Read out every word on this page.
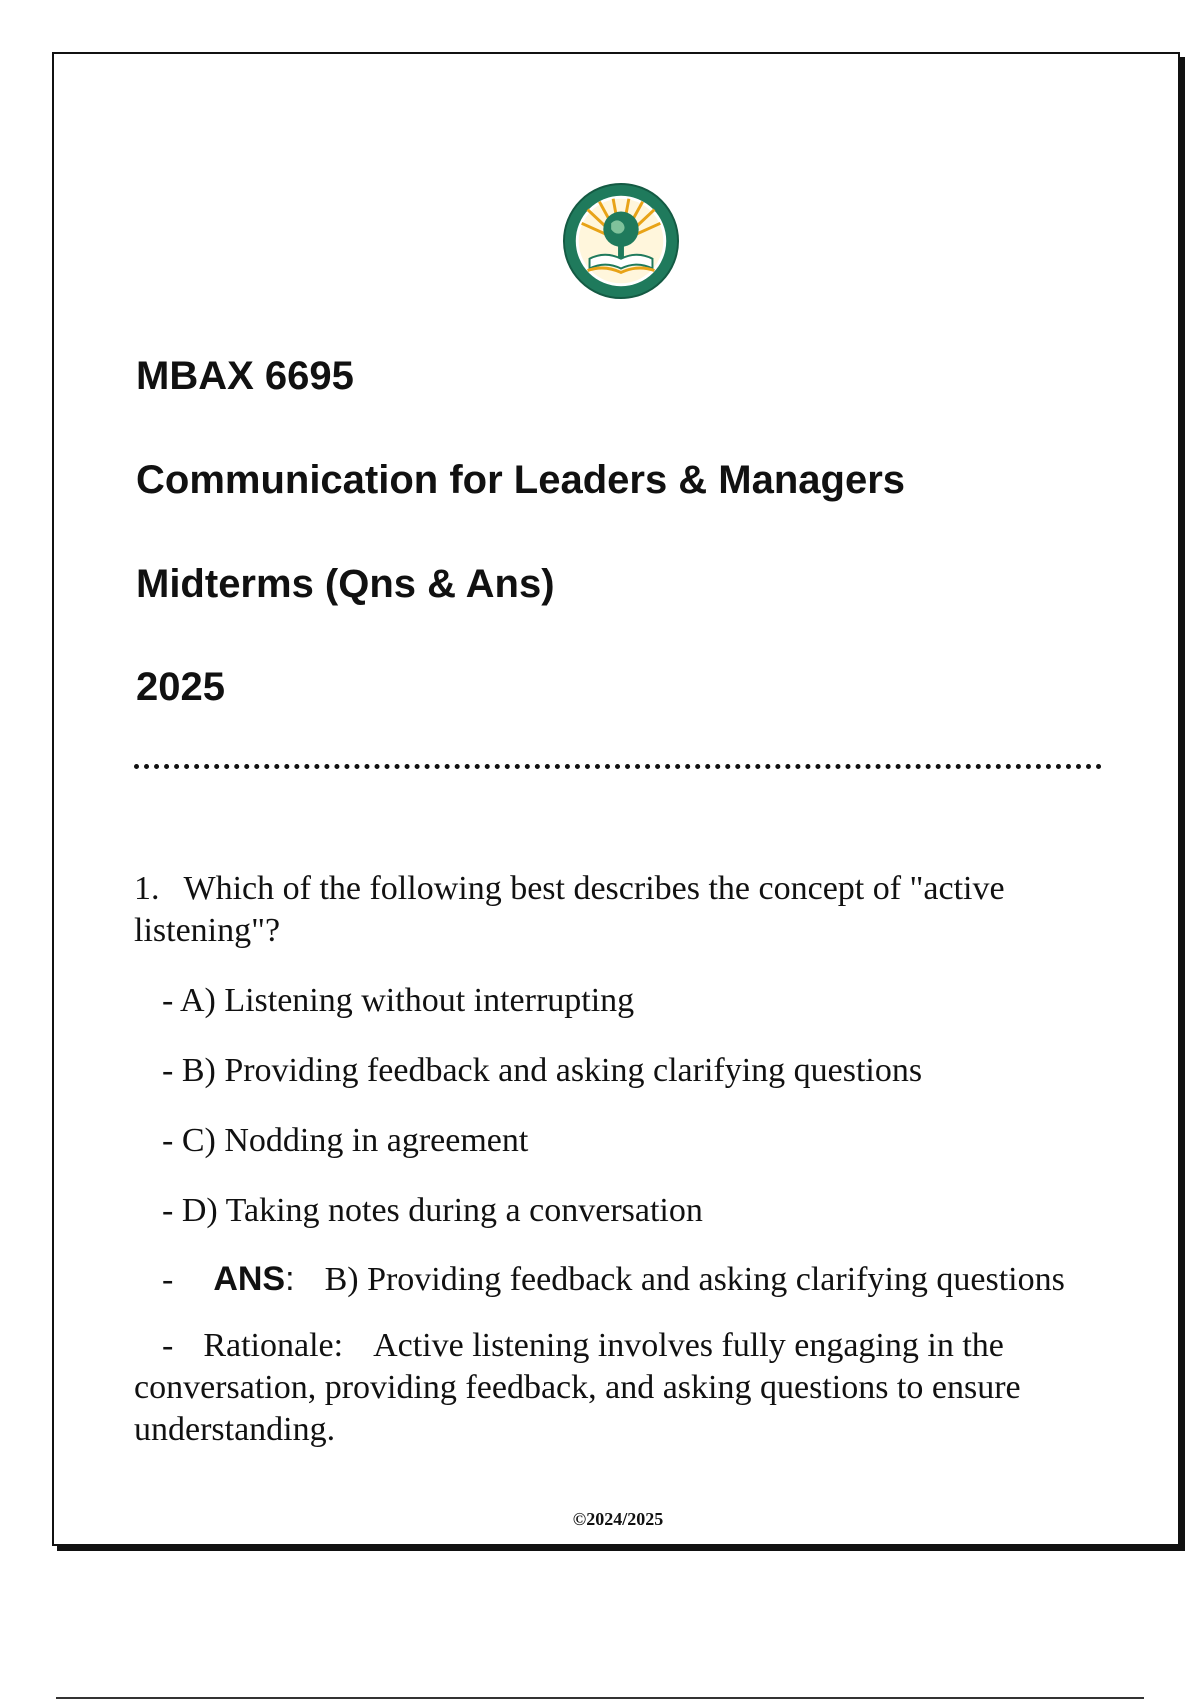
MBAX 6695
Communication for Leaders & Managers
Midterms (Qns & Ans)
2025
1. Which of the following best describes the concept of "active listening"?
- A) Listening without interrupting
- B) Providing feedback and asking clarifying questions
- C) Nodding in agreement
- D) Taking notes during a conversation
- ANS: B) Providing feedback and asking clarifying questions
- Rationale: Active listening involves fully engaging in the conversation, providing feedback, and asking questions to ensure understanding.
©2024/2025
